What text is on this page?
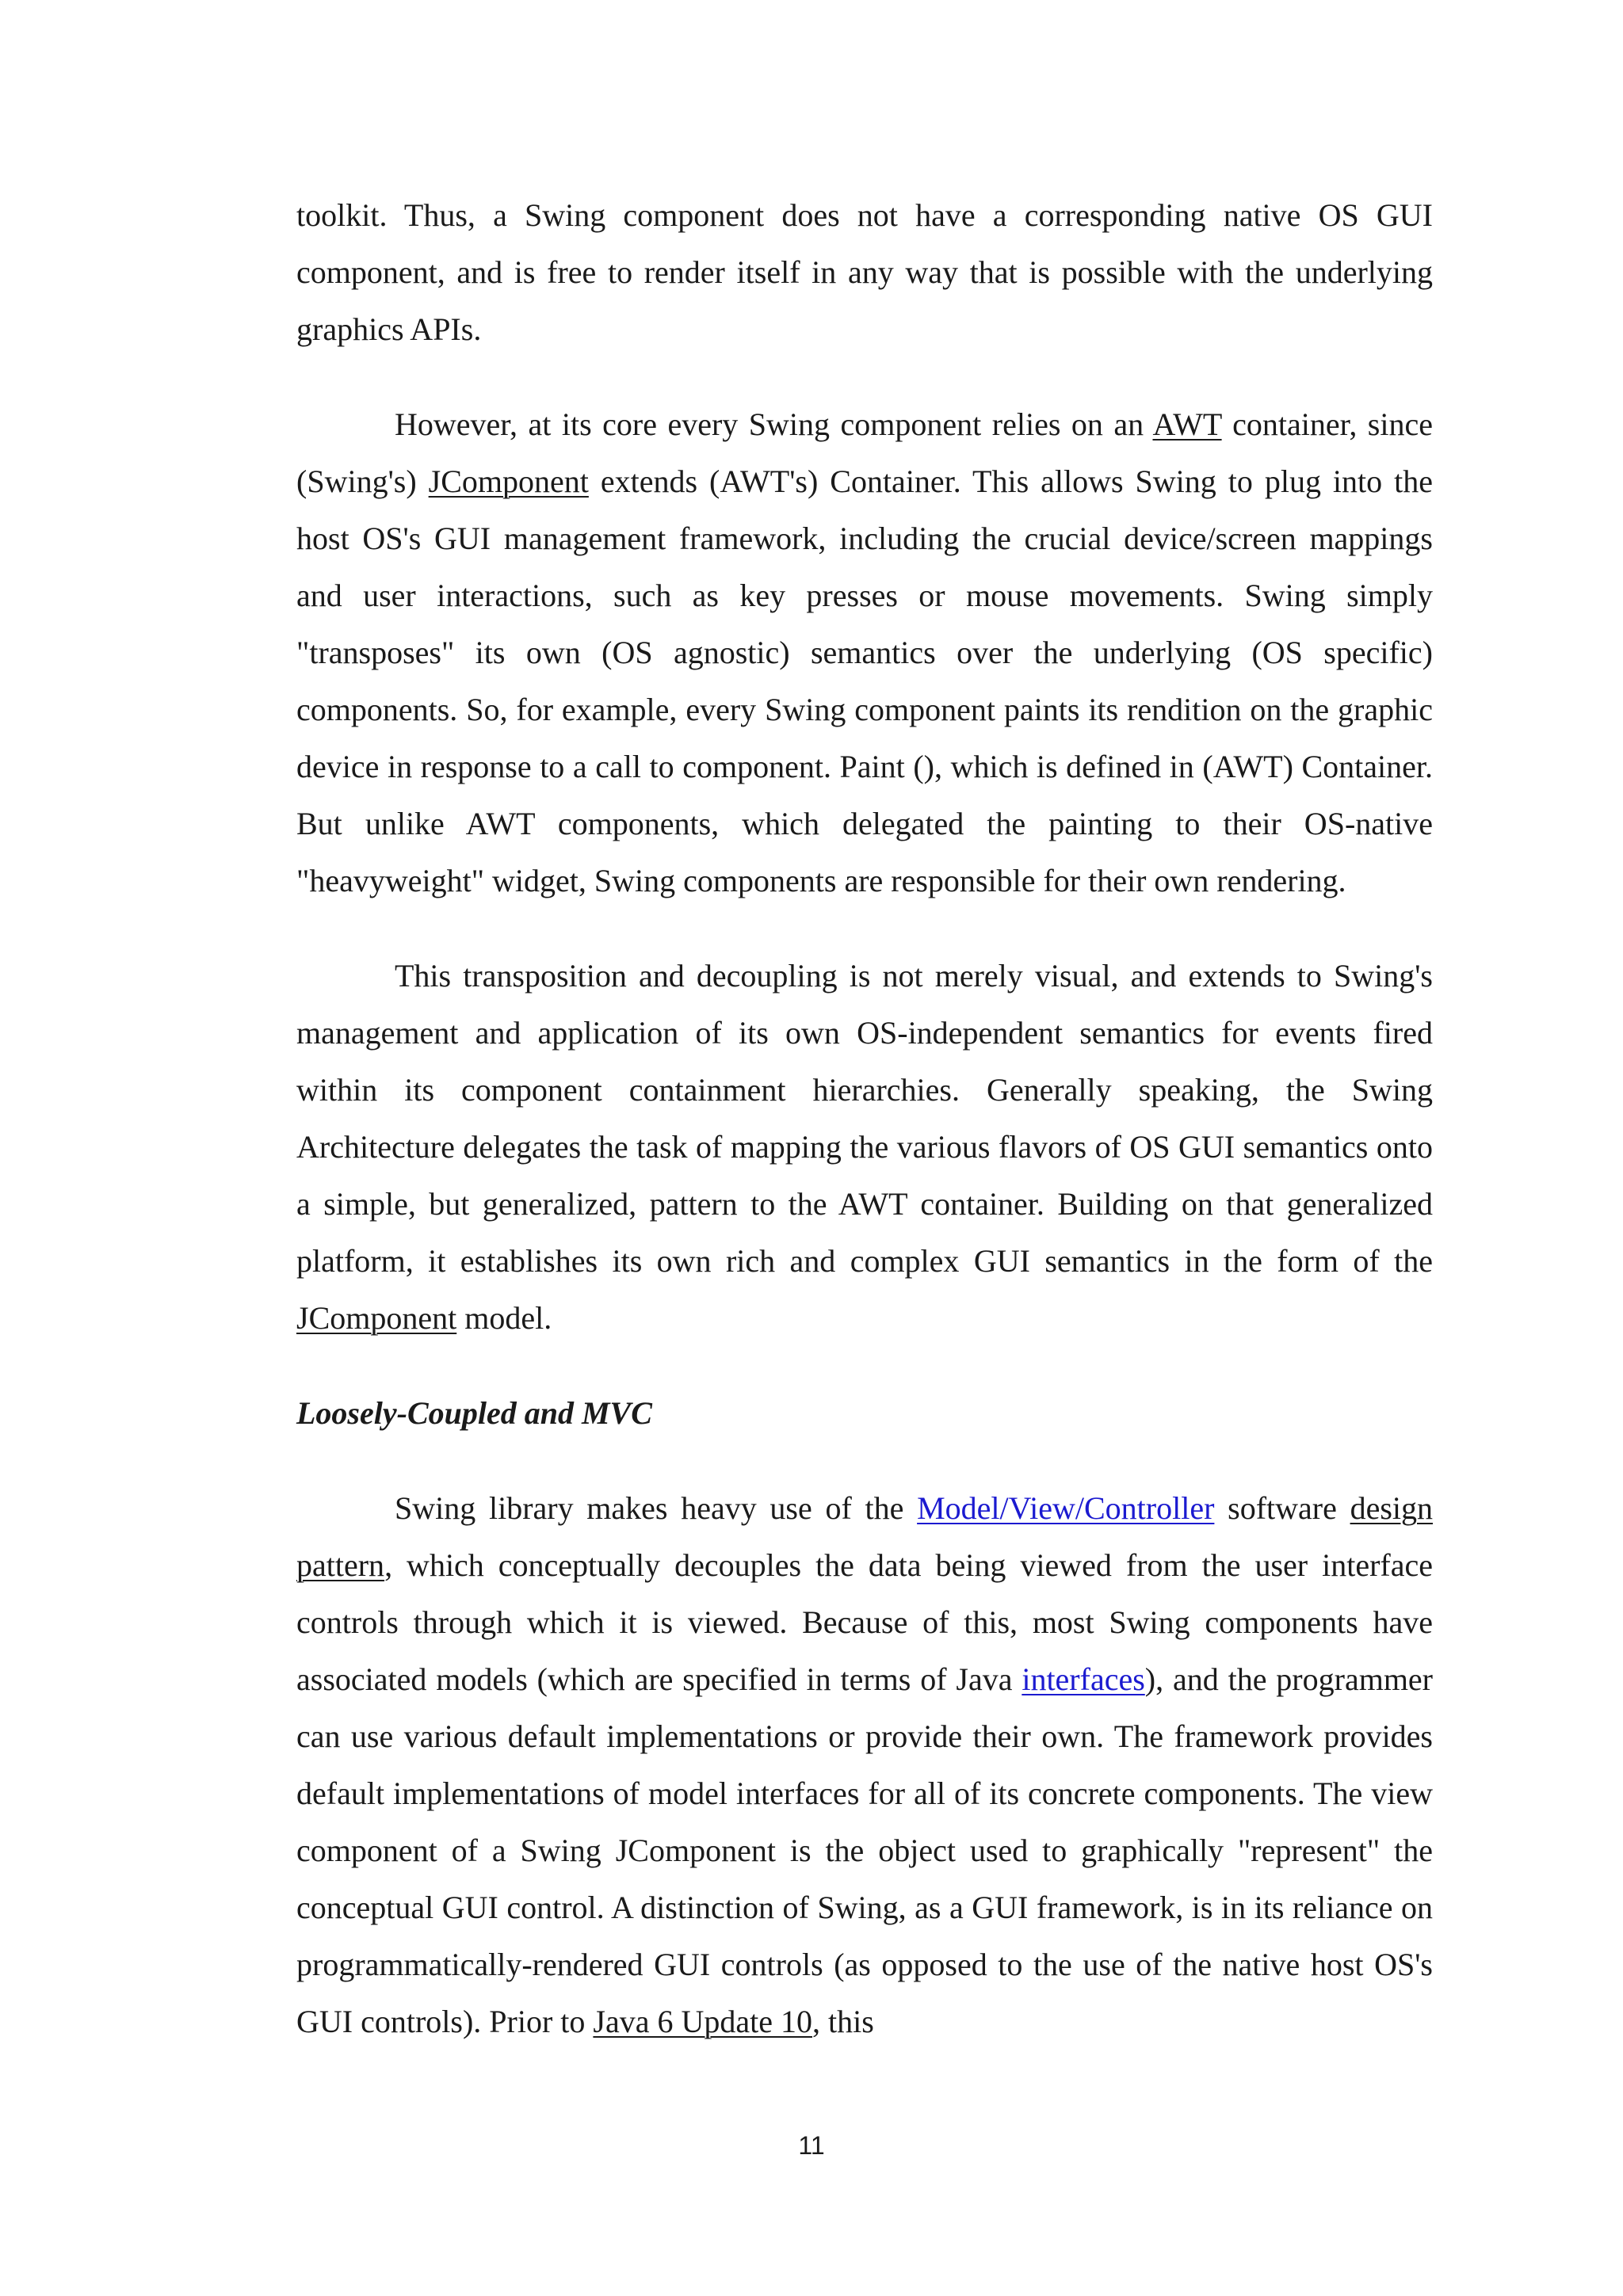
toolkit. Thus, a Swing component does not have a corresponding native OS GUI component, and is free to render itself in any way that is possible with the underlying graphics APIs.

However, at its core every Swing component relies on an AWT container, since (Swing's) JComponent extends (AWT's) Container. This allows Swing to plug into the host OS's GUI management framework, including the crucial device/screen mappings and user interactions, such as key presses or mouse movements. Swing simply "transposes" its own (OS agnostic) semantics over the underlying (OS specific) components. So, for example, every Swing component paints its rendition on the graphic device in response to a call to component. Paint (), which is defined in (AWT) Container. But unlike AWT components, which delegated the painting to their OS-native "heavyweight" widget, Swing components are responsible for their own rendering.

This transposition and decoupling is not merely visual, and extends to Swing's management and application of its own OS-independent semantics for events fired within its component containment hierarchies. Generally speaking, the Swing Architecture delegates the task of mapping the various flavors of OS GUI semantics onto a simple, but generalized, pattern to the AWT container. Building on that generalized platform, it establishes its own rich and complex GUI semantics in the form of the JComponent model.

Loosely-Coupled and MVC

Swing library makes heavy use of the Model/View/Controller software design pattern, which conceptually decouples the data being viewed from the user interface controls through which it is viewed. Because of this, most Swing components have associated models (which are specified in terms of Java interfaces), and the programmer can use various default implementations or provide their own. The framework provides default implementations of model interfaces for all of its concrete components. The view component of a Swing JComponent is the object used to graphically "represent" the conceptual GUI control. A distinction of Swing, as a GUI framework, is in its reliance on programmatically-rendered GUI controls (as opposed to the use of the native host OS's GUI controls). Prior to Java 6 Update 10, this

11
